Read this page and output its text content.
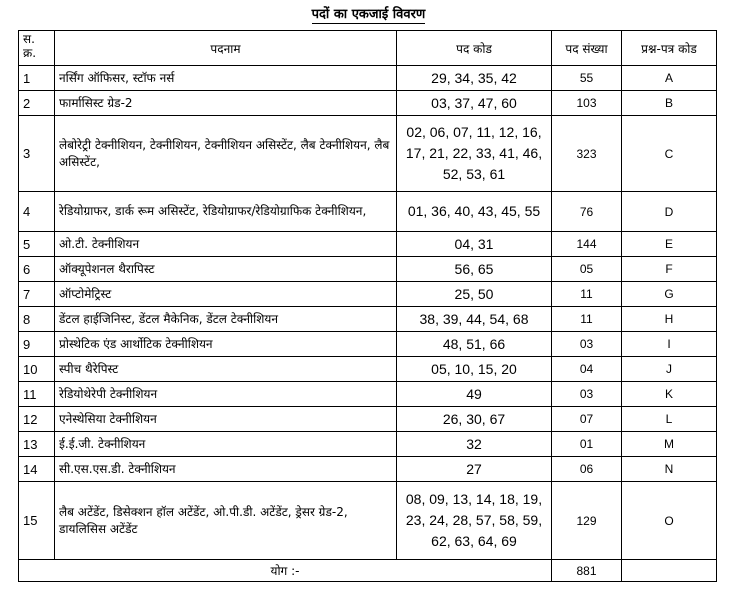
पदों का एकजाई विवरण
स. क्र.	पदनाम	पद कोड	पद संख्या	प्रश्न-पत्र कोड
1	नर्सिंग ऑफिसर, स्टॉफ नर्स	29, 34, 35, 42	55	A
2	फार्मासिस्ट ग्रेड-2	03, 37, 47, 60	103	B
3	लेबोरेट्री टेक्नीशियन, टेक्नीशियन, टेक्नीशियन असिस्टेंट, लैब टेक्नीशियन, लैब असिस्टेंट,	02, 06, 07, 11, 12, 16,
17, 21, 22, 33, 41, 46,
52, 53, 61	323	C
4	रेडियोग्राफर, डार्क रूम असिस्टेंट, रेडियोग्राफर/रेडियोग्राफिक टेक्नीशियन,	01, 36, 40, 43, 45, 55	76	D
5	ओ.टी. टेक्नीशियन	04, 31	144	E
6	ऑक्यूपेशनल थैरापिस्ट	56, 65	05	F
7	ऑप्टोमेट्रिस्ट	25, 50	11	G
8	डेंटल हाईजिनिस्ट, डेंटल मैकेनिक, डेंटल टेक्नीशियन	38, 39, 44, 54, 68	11	H
9	प्रोस्थेटिक एंड आर्थोटिक टेक्नीशियन	48, 51, 66	03	I
10	स्पीच थैरेपिस्ट	05, 10, 15, 20	04	J
11	रेडियोथेरेपी टेक्नीशियन	49	03	K
12	एनेस्थेसिया टेक्नीशियन	26, 30, 67	07	L
13	ई.ई.जी. टेक्नीशियन	32	01	M
14	सी.एस.एस.डी. टेक्नीशियन	27	06	N
15	लैब अटेंडेंट, डिसेक्शन हॉल अटेंडेंट, ओ.पी.डी. अटेंडेंट, ड्रेसर ग्रेड-2, डायलिसिस अटेंडेंट	08, 09, 13, 14, 18, 19,
23, 24, 28, 57, 58, 59,
62, 63, 64, 69	129	O
योग :-			881	
